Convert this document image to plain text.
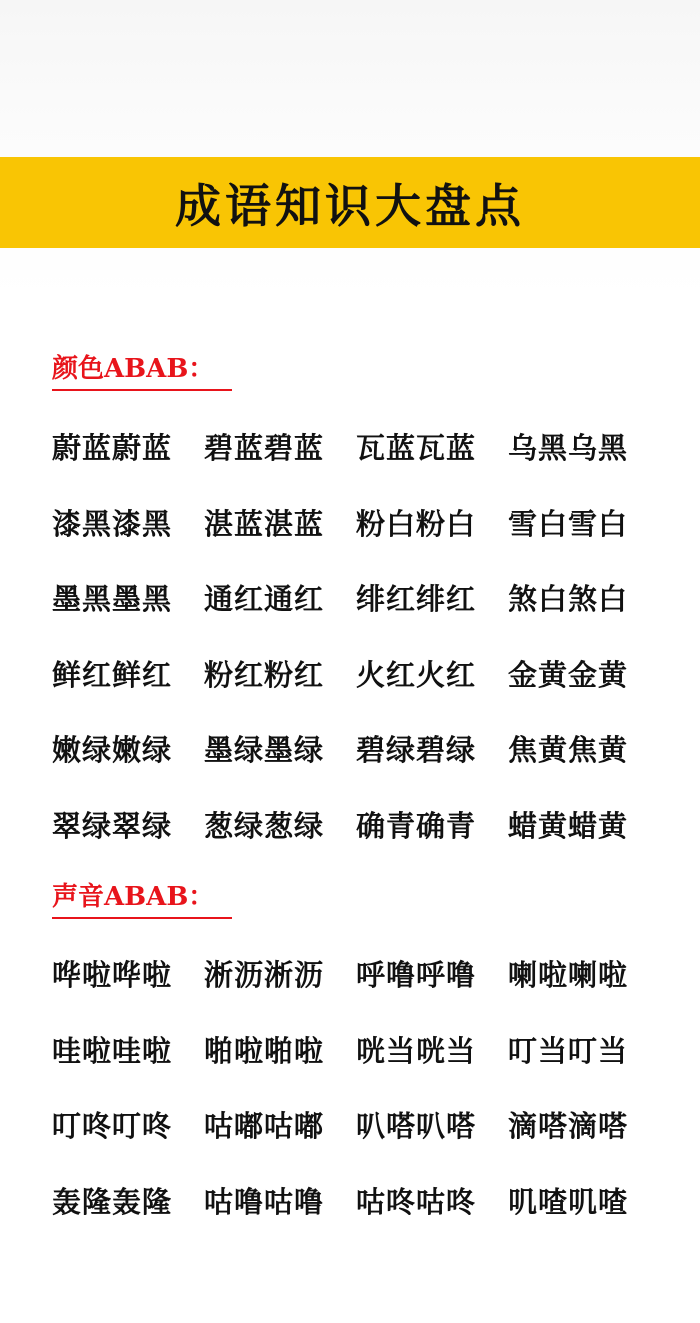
成语知识大盘点
颜色ABAB：
蔚蓝蔚蓝	碧蓝碧蓝	瓦蓝瓦蓝	乌黑乌黑
漆黑漆黑	湛蓝湛蓝	粉白粉白	雪白雪白
墨黑墨黑	通红通红	绯红绯红	煞白煞白
鲜红鲜红	粉红粉红	火红火红	金黄金黄
嫩绿嫩绿	墨绿墨绿	碧绿碧绿	焦黄焦黄
翠绿翠绿	葱绿葱绿	确青确青	蜡黄蜡黄
声音ABAB：
哗啦哗啦	淅沥淅沥	呼噜呼噜	喇啦喇啦
哇啦哇啦	啪啦啪啦	咣当咣当	叮当叮当
叮咚叮咚	咕嘟咕嘟	叭嗒叭嗒	滴嗒滴嗒
轰隆轰隆	咕噜咕噜	咕咚咕咚	叽喳叽喳
